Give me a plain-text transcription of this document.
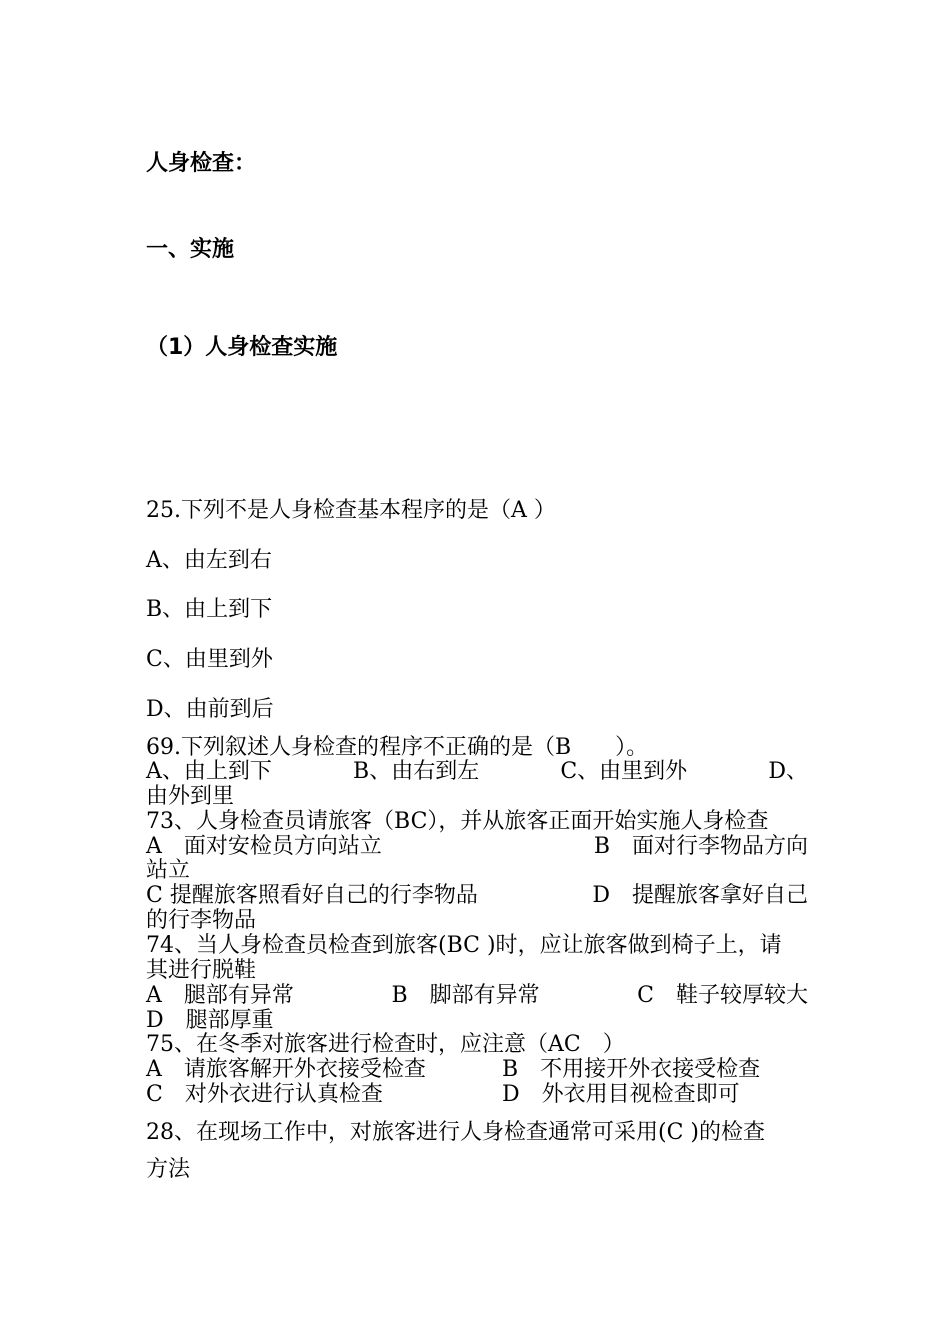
人身检查：
一、实施
（1）人身检查实施
25.下列不是人身检查基本程序的是（A ）
A、由左到右
B、由上到下
C、由里到外
D、由前到后
69.下列叙述人身检查的程序不正确的是（B　　）。
A、由上到下	B、由右到左	C、由里到外	D、
由外到里
73、人身检查员请旅客（BC），并从旅客正面开始实施人身检查
A　面对安检员方向站立	B　面对行李物品方向
站立
C 提醒旅客照看好自己的行李物品	D　提醒旅客拿好自己
的行李物品
74、当人身检查员检查到旅客(BC )时，应让旅客做到椅子上，请
其进行脱鞋
A　腿部有异常	B　脚部有异常	C　鞋子较厚较大
D　腿部厚重
75、在冬季对旅客进行检查时，应注意（AC　）
A　请旅客解开外衣接受检查	B　不用接开外衣接受检查
C　对外衣进行认真检查	D　外衣用目视检查即可
28、在现场工作中，对旅客进行人身检查通常可采用(C )的检查
方法
